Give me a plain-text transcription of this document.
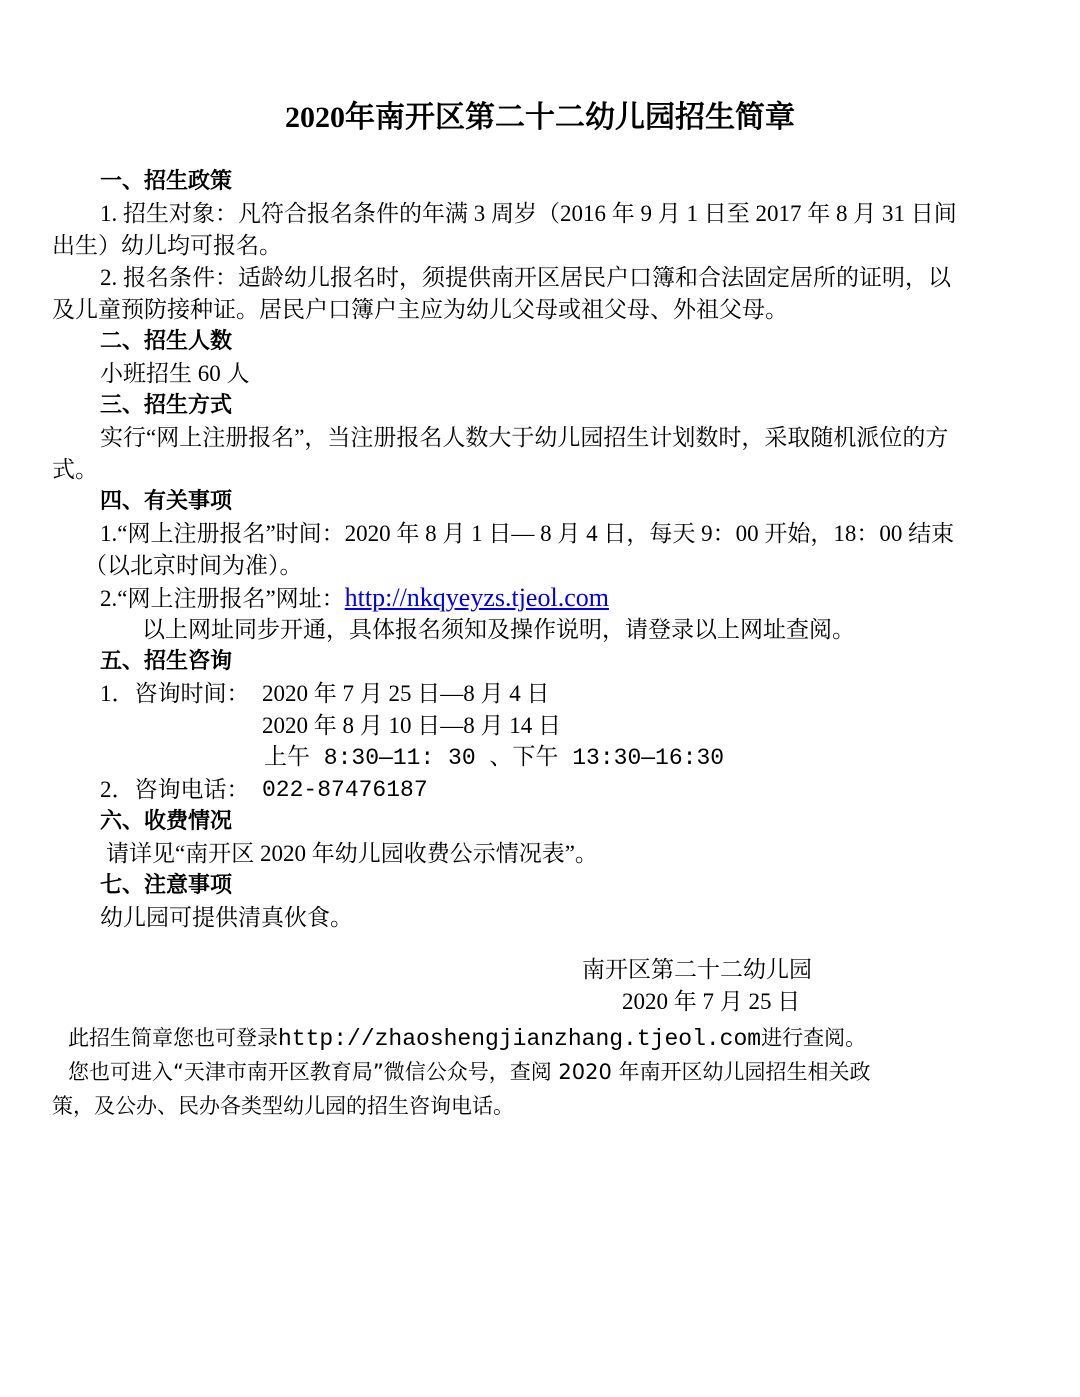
2020年南开区第二十二幼儿园招生简章

一、招生政策

1. 招生对象：凡符合报名条件的年满 3 周岁（2016 年 9 月 1 日至 2017 年 8 月 31 日间

出生）幼儿均可报名。

2. 报名条件：适龄幼儿报名时，须提供南开区居民户口簿和合法固定居所的证明，以

及儿童预防接种证。居民户口簿户主应为幼儿父母或祖父母、外祖父母。

二、招生人数

小班招生 60 人

三、招生方式

实行“网上注册报名”，当注册报名人数大于幼儿园招生计划数时，采取随机派位的方

式。

四、有关事项

1.“网上注册报名”时间：2020 年 8 月 1 日— 8 月 4 日，每天 9：00 开始，18：00 结束

（以北京时间为准）。

2.“网上注册报名”网址：http://nkqyeyzs.tjeol.com

以上网址同步开通，具体报名须知及操作说明，请登录以上网址查阅。

五、招生咨询

1．咨询时间： 2020 年 7 月 25 日—8 月 4 日

2020 年 8 月 10 日—8 月 14 日

上午 8:30—11: 30 、下午 13:30—16:30

2．咨询电话： 022-87476187

六、收费情况

请详见“南开区 2020 年幼儿园收费公示情况表”。

七、注意事项

幼儿园可提供清真伙食。

南开区第二十二幼儿园

2020 年 7 月 25 日

此招生简章您也可登录http://zhaoshengjianzhang.tjeol.com进行查阅。

您也可进入“天津市南开区教育局”微信公众号，查阅 2020 年南开区幼儿园招生相关政

策，及公办、民办各类型幼儿园的招生咨询电话。
